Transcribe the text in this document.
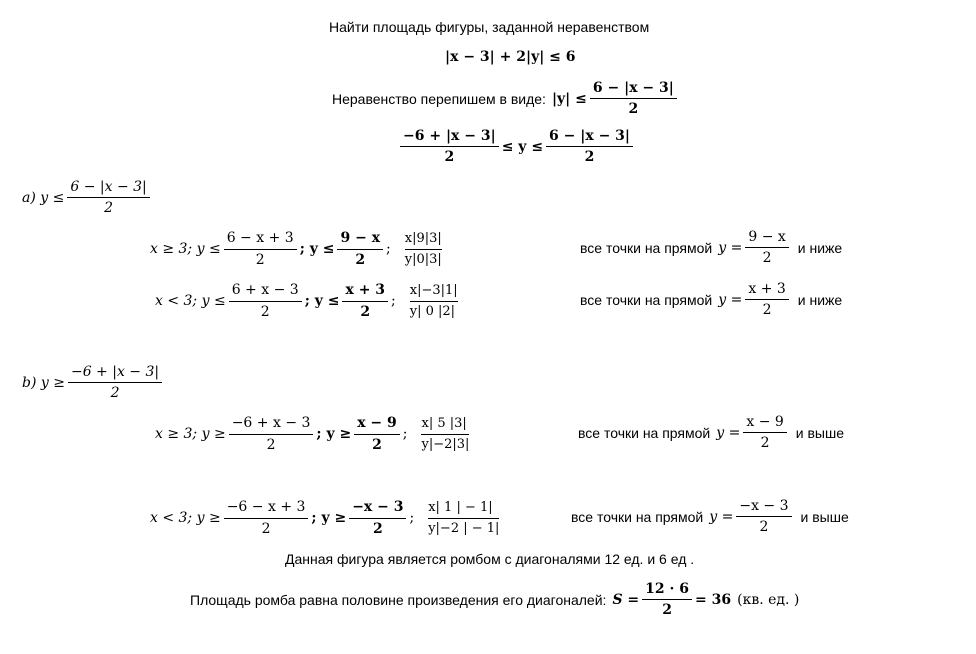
Найти площадь фигуры, заданной неравенством
|x − 3| + 2|y| ≤ 6
Неравенство перепишем в виде: $|y| \le \frac{6 - |x - 3|}{2}$
$\frac{-6 + |x - 3|}{2} \le y \le \frac{6 - |x - 3|}{2}$
a) $y \le \frac{6 - |x - 3|}{2}$
x ≥ 3; $y \le \frac{6 - x + 3}{2}$ ; $y \le \frac{9 - x}{2}$ ;
x|9|3|
y|0|3|
все точки на прямой $y = \frac{9 - x}{2}$ и ниже
x < 3; $y \le \frac{6 + x - 3}{2}$ ; $y \le \frac{x + 3}{2}$ ;
x|−3|1|
y| 0 |2|
все точки на прямой $y = \frac{x + 3}{2}$ и ниже
b) $y \ge \frac{-6 + |x - 3|}{2}$
x ≥ 3; $y \ge \frac{-6 + x - 3}{2}$ ; $y \ge \frac{x - 9}{2}$ ;
x| 5 |3|
y|−2|3|
все точки на прямой $y = \frac{x - 9}{2}$ и выше
x < 3; $y \ge \frac{-6 - x + 3}{2}$ ; $y \ge \frac{-x - 3}{2}$ ;
x| 1 | − 1|
y|−2 | − 1|
все точки на прямой $y = \frac{-x - 3}{2}$ и выше
Данная фигура является ромбом с диагоналями 12 ед. и 6 ед .
Площадь ромба равна половине произведения его диагоналей: $S = \frac{12 \cdot 6}{2} = 36$ (кв. ед. )
